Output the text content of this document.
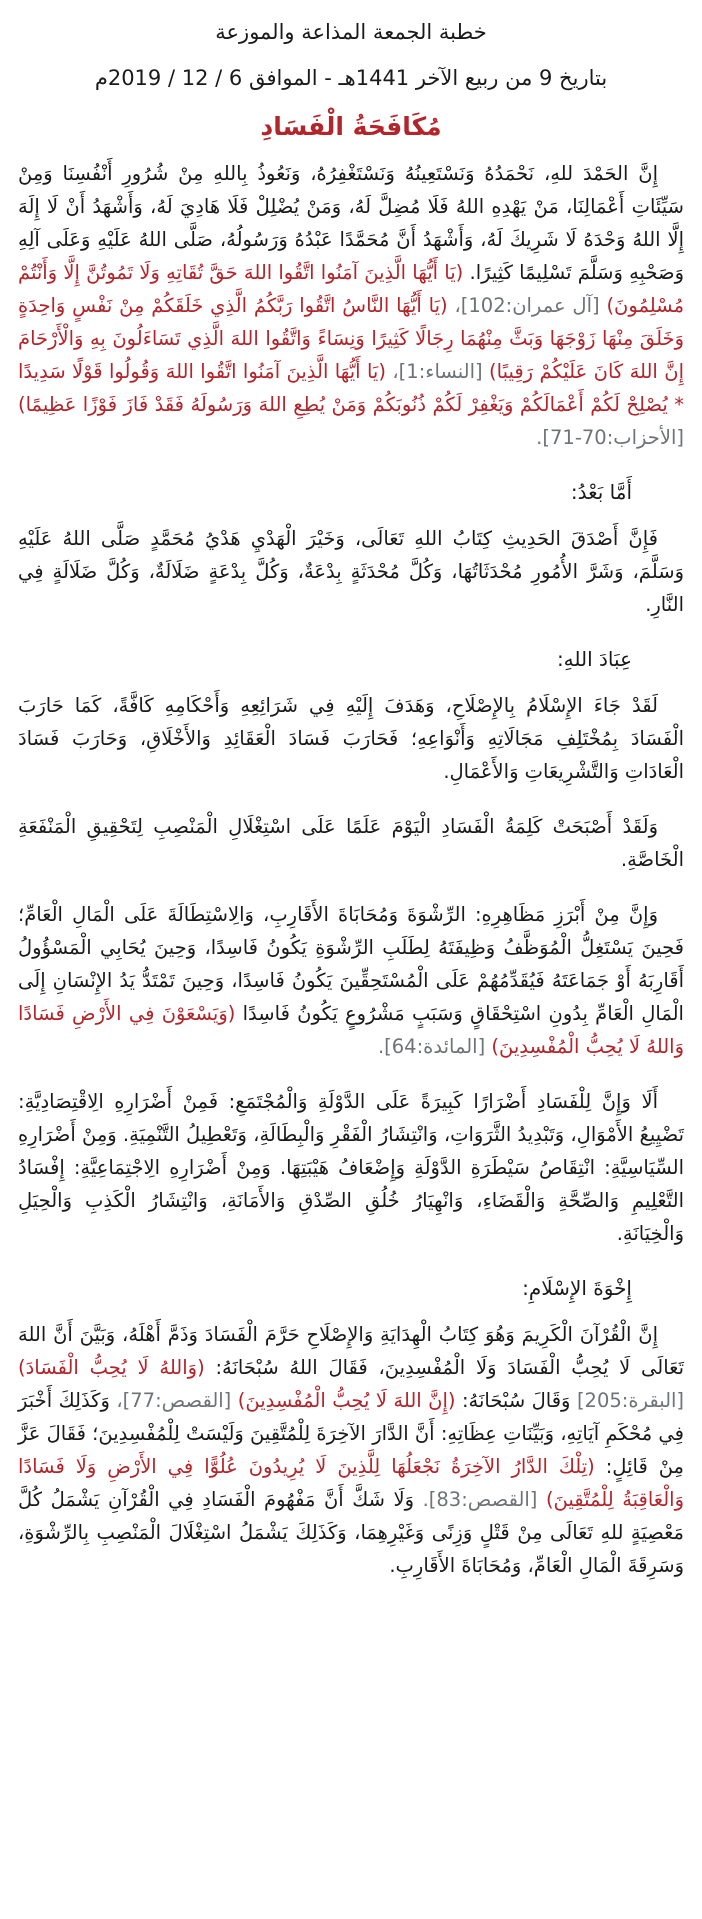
خطبة الجمعة المذاعة والموزعة
بتاريخ 9 من ربيع الآخر 1441هـ - الموافق 6 / 12 / 2019م
مُكَافَحَةُ الْفَسَادِ

إِنَّ الحَمْدَ للهِ، نَحْمَدُهُ وَنَسْتَعِينُهُ وَنَسْتَغْفِرُهُ، وَنَعُوذُ بِاللهِ مِنْ شُرُورِ أَنْفُسِنَا وَمِنْ سَيِّئَاتِ أَعْمَالِنَا، مَنْ يَهْدِهِ اللهُ فَلَا مُضِلَّ لَهُ، وَمَنْ يُضْلِلْ فَلَا هَادِيَ لَهُ، وَأَشْهَدُ أَنْ لَا إِلَهَ إِلَّا اللهُ وَحْدَهُ لَا شَرِيكَ لَهُ، وَأَشْهَدُ أَنَّ مُحَمَّدًا عَبْدُهُ وَرَسُولُهُ، صَلَّى اللهُ عَلَيْهِ وَعَلَى آلِهِ وَصَحْبِهِ وَسَلَّمَ تَسْلِيمًا كَثِيرًا. (يَا أَيُّهَا الَّذِينَ آمَنُوا اتَّقُوا اللهَ حَقَّ تُقَاتِهِ وَلَا تَمُوتُنَّ إِلَّا وَأَنْتُمْ مُسْلِمُونَ) [آل عمران:102]، (يَا أَيُّهَا النَّاسُ اتَّقُوا رَبَّكُمُ الَّذِي خَلَقَكُمْ مِنْ نَفْسٍ وَاحِدَةٍ وَخَلَقَ مِنْهَا زَوْجَهَا وَبَثَّ مِنْهُمَا رِجَالًا كَثِيرًا وَنِسَاءً وَاتَّقُوا اللهَ الَّذِي تَسَاءَلُونَ بِهِ وَالْأَرْحَامَ إِنَّ اللهَ كَانَ عَلَيْكُمْ رَقِيبًا) [النساء:1]، (يَا أَيُّهَا الَّذِينَ آمَنُوا اتَّقُوا اللهَ وَقُولُوا قَوْلًا سَدِيدًا * يُصْلِحْ لَكُمْ أَعْمَالَكُمْ وَيَغْفِرْ لَكُمْ ذُنُوبَكُمْ وَمَنْ يُطِعِ اللهَ وَرَسُولَهُ فَقَدْ فَازَ فَوْزًا عَظِيمًا) [الأحزاب:70-71].

أَمَّا بَعْدُ:

فَإِنَّ أَصْدَقَ الحَدِيثِ كِتَابُ اللهِ تَعَالَى، وَخَيْرَ الْهَدْيِ هَدْيُ مُحَمَّدٍ صَلَّى اللهُ عَلَيْهِ وَسَلَّمَ، وَشَرَّ الأُمُورِ مُحْدَثَاتُهَا، وَكُلَّ مُحْدَثَةٍ بِدْعَةٌ، وَكُلَّ بِدْعَةٍ ضَلَالَةٌ، وَكُلَّ ضَلَالَةٍ فِي النَّارِ.

عِبَادَ اللهِ:

لَقَدْ جَاءَ الإِسْلَامُ بِالإِصْلَاحِ، وَهَدَفَ إِلَيْهِ فِي شَرَائِعِهِ وَأَحْكَامِهِ كَافَّةً، كَمَا حَارَبَ الْفَسَادَ بِمُخْتَلِفِ مَجَالَاتِهِ وَأَنْوَاعِهِ؛ فَحَارَبَ فَسَادَ الْعَقَائِدِ وَالأَخْلَاقِ، وَحَارَبَ فَسَادَ الْعَادَاتِ وَالتَّشْرِيعَاتِ وَالأَعْمَالِ.

وَلَقَدْ أَصْبَحَتْ كَلِمَةُ الْفَسَادِ الْيَوْمَ عَلَمًا عَلَى اسْتِغْلَالِ الْمَنْصِبِ لِتَحْقِيقِ الْمَنْفَعَةِ الْخَاصَّةِ.

وَإِنَّ مِنْ أَبْرَزِ مَظَاهِرِهِ: الرِّشْوَةَ وَمُحَابَاةَ الأَقَارِبِ، وَالِاسْتِطَالَةَ عَلَى الْمَالِ الْعَامِّ؛ فَحِينَ يَسْتَغِلُّ الْمُوَظَّفُ وَظِيفَتَهُ لِطَلَبِ الرِّشْوَةِ يَكُونُ فَاسِدًا، وَحِينَ يُحَابِي الْمَسْؤُولُ أَقَارِبَهُ أَوْ جَمَاعَتَهُ فَيُقَدِّمُهُمْ عَلَى الْمُسْتَحِقِّينَ يَكُونُ فَاسِدًا، وَحِينَ تَمْتَدُّ يَدُ الإِنْسَانِ إِلَى الْمَالِ الْعَامِّ بِدُونِ اسْتِحْقَاقٍ وَسَبَبٍ مَشْرُوعٍ يَكُونُ فَاسِدًا (وَيَسْعَوْنَ فِي الأَرْضِ فَسَادًا وَاللهُ لَا يُحِبُّ الْمُفْسِدِينَ) [المائدة:64].

أَلَا وَإِنَّ لِلْفَسَادِ أَضْرَارًا كَبِيرَةً عَلَى الدَّوْلَةِ وَالْمُجْتَمَعِ: فَمِنْ أَضْرَارِهِ الِاقْتِصَادِيَّةِ: تَضْيِيعُ الأَمْوَالِ، وَتَبْدِيدُ الثَّرَوَاتِ، وَانْتِشَارُ الْفَقْرِ وَالْبِطَالَةِ، وَتَعْطِيلُ التَّنْمِيَةِ. وَمِنْ أَضْرَارِهِ السِّيَاسِيَّةِ: انْتِقَاصُ سَيْطَرَةِ الدَّوْلَةِ وَإِضْعَافُ هَيْبَتِهَا. وَمِنْ أَضْرَارِهِ الِاجْتِمَاعِيَّةِ: إِفْسَادُ التَّعْلِيمِ وَالصِّحَّةِ وَالْقَضَاءِ، وَانْهِيَارُ خُلُقِ الصِّدْقِ وَالأَمَانَةِ، وَانْتِشَارُ الْكَذِبِ وَالْحِيَلِ وَالْخِيَانَةِ.

إِخْوَةَ الإِسْلَامِ:

إِنَّ الْقُرْآنَ الْكَرِيمَ وَهُوَ كِتَابُ الْهِدَايَةِ وَالإِصْلَاحِ حَرَّمَ الْفَسَادَ وَذَمَّ أَهْلَهُ، وَبَيَّنَ أَنَّ اللهَ تَعَالَى لَا يُحِبُّ الْفَسَادَ وَلَا الْمُفْسِدِينَ، فَقَالَ اللهُ سُبْحَانَهُ: (وَاللهُ لَا يُحِبُّ الْفَسَادَ) [البقرة:205] وَقَالَ سُبْحَانَهُ: (إِنَّ اللهَ لَا يُحِبُّ الْمُفْسِدِينَ) [القصص:77]، وَكَذَلِكَ أَخْبَرَ فِي مُحْكَمِ آيَاتِهِ، وَبَيِّنَاتِ عِظَاتِهِ: أَنَّ الدَّارَ الآخِرَةَ لِلْمُتَّقِينَ وَلَيْسَتْ لِلْمُفْسِدِينَ؛ فَقَالَ عَزَّ مِنْ قَائِلٍ: (تِلْكَ الدَّارُ الآخِرَةُ نَجْعَلُهَا لِلَّذِينَ لَا يُرِيدُونَ عُلُوًّا فِي الأَرْضِ وَلَا فَسَادًا وَالْعَاقِبَةُ لِلْمُتَّقِينَ) [القصص:83]. وَلَا شَكَّ أَنَّ مَفْهُومَ الْفَسَادِ فِي الْقُرْآنِ يَشْمَلُ كُلَّ مَعْصِيَةٍ للهِ تَعَالَى مِنْ قَتْلٍ وَزِنًى وَغَيْرِهِمَا، وَكَذَلِكَ يَشْمَلُ اسْتِغْلَالَ الْمَنْصِبِ بِالرِّشْوَةِ، وَسَرِقَةَ الْمَالِ الْعَامِّ، وَمُحَابَاةَ الأَقَارِبِ.
